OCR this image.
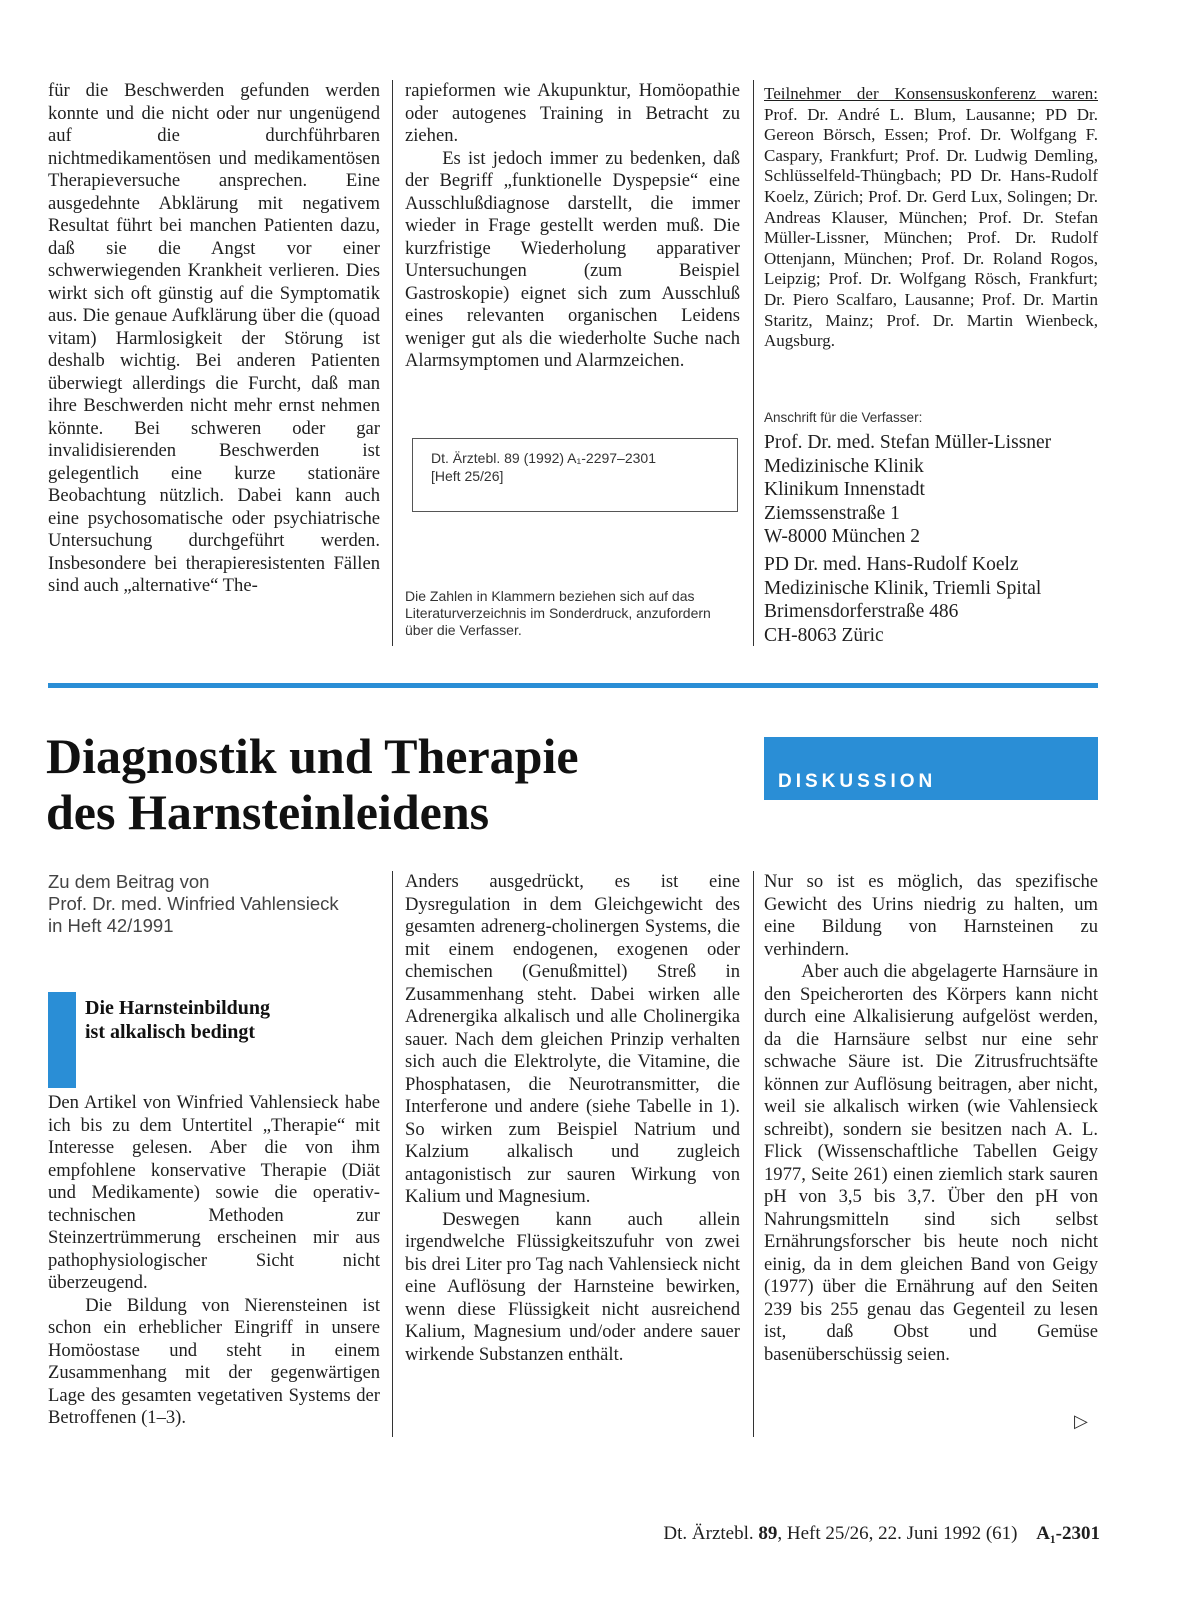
für die Beschwerden gefunden werden konnte und die nicht oder nur ungenügend auf die durchführbaren nichtmedikamentösen und medikamentösen Therapieversuche ansprechen. Eine ausgedehnte Abklärung mit negativem Resultat führt bei manchen Patienten dazu, daß sie die Angst vor einer schwerwiegenden Krankheit verlieren. Dies wirkt sich oft günstig auf die Symptomatik aus. Die genaue Aufklärung über die (quoad vitam) Harmlosigkeit der Störung ist deshalb wichtig. Bei anderen Patienten überwiegt allerdings die Furcht, daß man ihre Beschwerden nicht mehr ernst nehmen könnte. Bei schweren oder gar invalidisierenden Beschwerden ist gelegentlich eine kurze stationäre Beobachtung nützlich. Dabei kann auch eine psychosomatische oder psychiatrische Untersuchung durchgeführt werden. Insbesondere bei therapieresistenten Fällen sind auch „alternative“ The-

rapieformen wie Akupunktur, Homöopathie oder autogenes Training in Betracht zu ziehen.

Es ist jedoch immer zu bedenken, daß der Begriff „funktionelle Dyspepsie“ eine Ausschlußdiagnose darstellt, die immer wieder in Frage gestellt werden muß. Die kurzfristige Wiederholung apparativer Untersuchungen (zum Beispiel Gastroskopie) eignet sich zum Ausschluß eines relevanten organischen Leidens weniger gut als die wiederholte Suche nach Alarmsymptomen und Alarmzeichen.

Dt. Ärztebl. 89 (1992) A₁-2297–2301
[Heft 25/26]
Die Zahlen in Klammern beziehen sich auf das Literaturverzeichnis im Sonderdruck, anzufordern über die Verfasser.
Teilnehmer der Konsensuskonferenz waren: Prof. Dr. André L. Blum, Lausanne; PD Dr. Gereon Börsch, Essen; Prof. Dr. Wolfgang F. Caspary, Frankfurt; Prof. Dr. Ludwig Demling, Schlüsselfeld-Thüngbach; PD Dr. Hans-Rudolf Koelz, Zürich; Prof. Dr. Gerd Lux, Solingen; Dr. Andreas Klauser, München; Prof. Dr. Stefan Müller-Lissner, München; Prof. Dr. Rudolf Ottenjann, München; Prof. Dr. Roland Rogos, Leipzig; Prof. Dr. Wolfgang Rösch, Frankfurt; Dr. Piero Scalfaro, Lausanne; Prof. Dr. Martin Staritz, Mainz; Prof. Dr. Martin Wienbeck, Augsburg.
Anschrift für die Verfasser:
Prof. Dr. med. Stefan Müller-Lissner
Medizinische Klinik
Klinikum Innenstadt
Ziemssenstraße 1
W-8000 München 2
PD Dr. med. Hans-Rudolf Koelz
Medizinische Klinik, Triemli Spital
Brimensdorferstraße 486
CH-8063 Züric
Diagnostik und Therapie
des Harnsteinleidens
DISKUSSION
Zu dem Beitrag von
Prof. Dr. med. Winfried Vahlensieck
in Heft 42/1991
Die Harnsteinbildung
ist alkalisch bedingt

Den Artikel von Winfried Vahlensieck habe ich bis zu dem Untertitel „Therapie“ mit Interesse gelesen. Aber die von ihm empfohlene konservative Therapie (Diät und Medikamente) sowie die operativ-technischen Methoden zur Steinzertrümmerung erscheinen mir aus pathophysiologischer Sicht nicht überzeugend.

Die Bildung von Nierensteinen ist schon ein erheblicher Eingriff in unsere Homöostase und steht in einem Zusammenhang mit der gegenwärtigen Lage des gesamten vegetativen Systems der Betroffenen (1–3).

Anders ausgedrückt, es ist eine Dysregulation in dem Gleichgewicht des gesamten adrenerg-cholinergen Systems, die mit einem endogenen, exogenen oder chemischen (Genußmittel) Streß in Zusammenhang steht. Dabei wirken alle Adrenergika alkalisch und alle Cholinergika sauer. Nach dem gleichen Prinzip verhalten sich auch die Elektrolyte, die Vitamine, die Phosphatasen, die Neurotransmitter, die Interferone und andere (siehe Tabelle in 1). So wirken zum Beispiel Natrium und Kalzium alkalisch und zugleich antagonistisch zur sauren Wirkung von Kalium und Magnesium.

Deswegen kann auch allein irgendwelche Flüssigkeitszufuhr von zwei bis drei Liter pro Tag nach Vahlensieck nicht eine Auflösung der Harnsteine bewirken, wenn diese Flüssigkeit nicht ausreichend Kalium, Magnesium und/oder andere sauer wirkende Substanzen enthält.

Nur so ist es möglich, das spezifische Gewicht des Urins niedrig zu halten, um eine Bildung von Harnsteinen zu verhindern.

Aber auch die abgelagerte Harnsäure in den Speicherorten des Körpers kann nicht durch eine Alkalisierung aufgelöst werden, da die Harnsäure selbst nur eine sehr schwache Säure ist. Die Zitrusfruchtsäfte können zur Auflösung beitragen, aber nicht, weil sie alkalisch wirken (wie Vahlensieck schreibt), sondern sie besitzen nach A. L. Flick (Wissenschaftliche Tabellen Geigy 1977, Seite 261) einen ziemlich stark sauren pH von 3,5 bis 3,7. Über den pH von Nahrungsmitteln sind sich selbst Ernährungsforscher bis heute noch nicht einig, da in dem gleichen Band von Geigy (1977) über die Ernährung auf den Seiten 239 bis 255 genau das Gegenteil zu lesen ist, daß Obst und Gemüse basenüberschüssig seien.

▷
Dt. Ärztebl. 89, Heft 25/26, 22. Juni 1992 (61) A₁-2301
